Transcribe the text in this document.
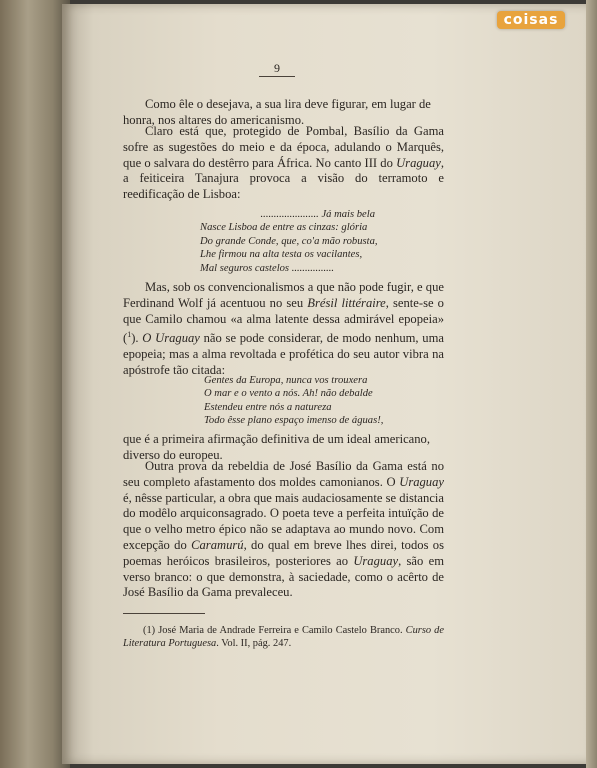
coisas
9

Como êle o desejava, a sua lira deve figurar, em lugar de honra, nos altares do americanismo.

Claro está que, protegido de Pombal, Basílio da Gama sofre as sugestões do meio e da época, adulando o Marquês, que o salvara do destêrro para África. No canto III do Uraguay, a feiticeira Tanajura provoca a visão do terramoto e reedificação de Lisboa:

...................... Já mais bela
Nasce Lisboa de entre as cinzas: glória
Do grande Conde, que, co'a mão robusta,
Lhe firmou na alta testa os vacilantes,
Mal seguros castelos ................

Mas, sob os convencionalismos a que não pode fugir, e que Ferdinand Wolf já acentuou no seu Brésil littéraire, sente-se o que Camilo chamou «a alma latente dessa admirável epopeia» ($^1$). O Uraguay não se pode considerar, de modo nenhum, uma epopeia; mas a alma revoltada e profética do seu autor vibra na apóstrofe tão citada:

Gentes da Europa, nunca vos trouxera
O mar e o vento a nós. Ah! não debalde
Estendeu entre nós a natureza
Todo êsse plano espaço imenso de águas!,

que é a primeira afirmação definitiva de um ideal americano, diverso do europeu.

Outra prova da rebeldia de José Basílio da Gama está no seu completo afastamento dos moldes camonianos. O Uraguay é, nêsse particular, a obra que mais audaciosamente se distancia do modêlo arquiconsagrado. O poeta teve a perfeita intuïção de que o velho metro épico não se adaptava ao mundo novo. Com excepção do Caramurú, do qual em breve lhes direi, todos os poemas heróicos brasileiros, posteriores ao Uraguay, são em verso branco: o que demonstra, à saciedade, como o acêrto de José Basílio da Gama prevaleceu.

(1) José Maria de Andrade Ferreira e Camilo Castelo Branco. Curso de Literatura Portuguesa. Vol. II, pág. 247.
